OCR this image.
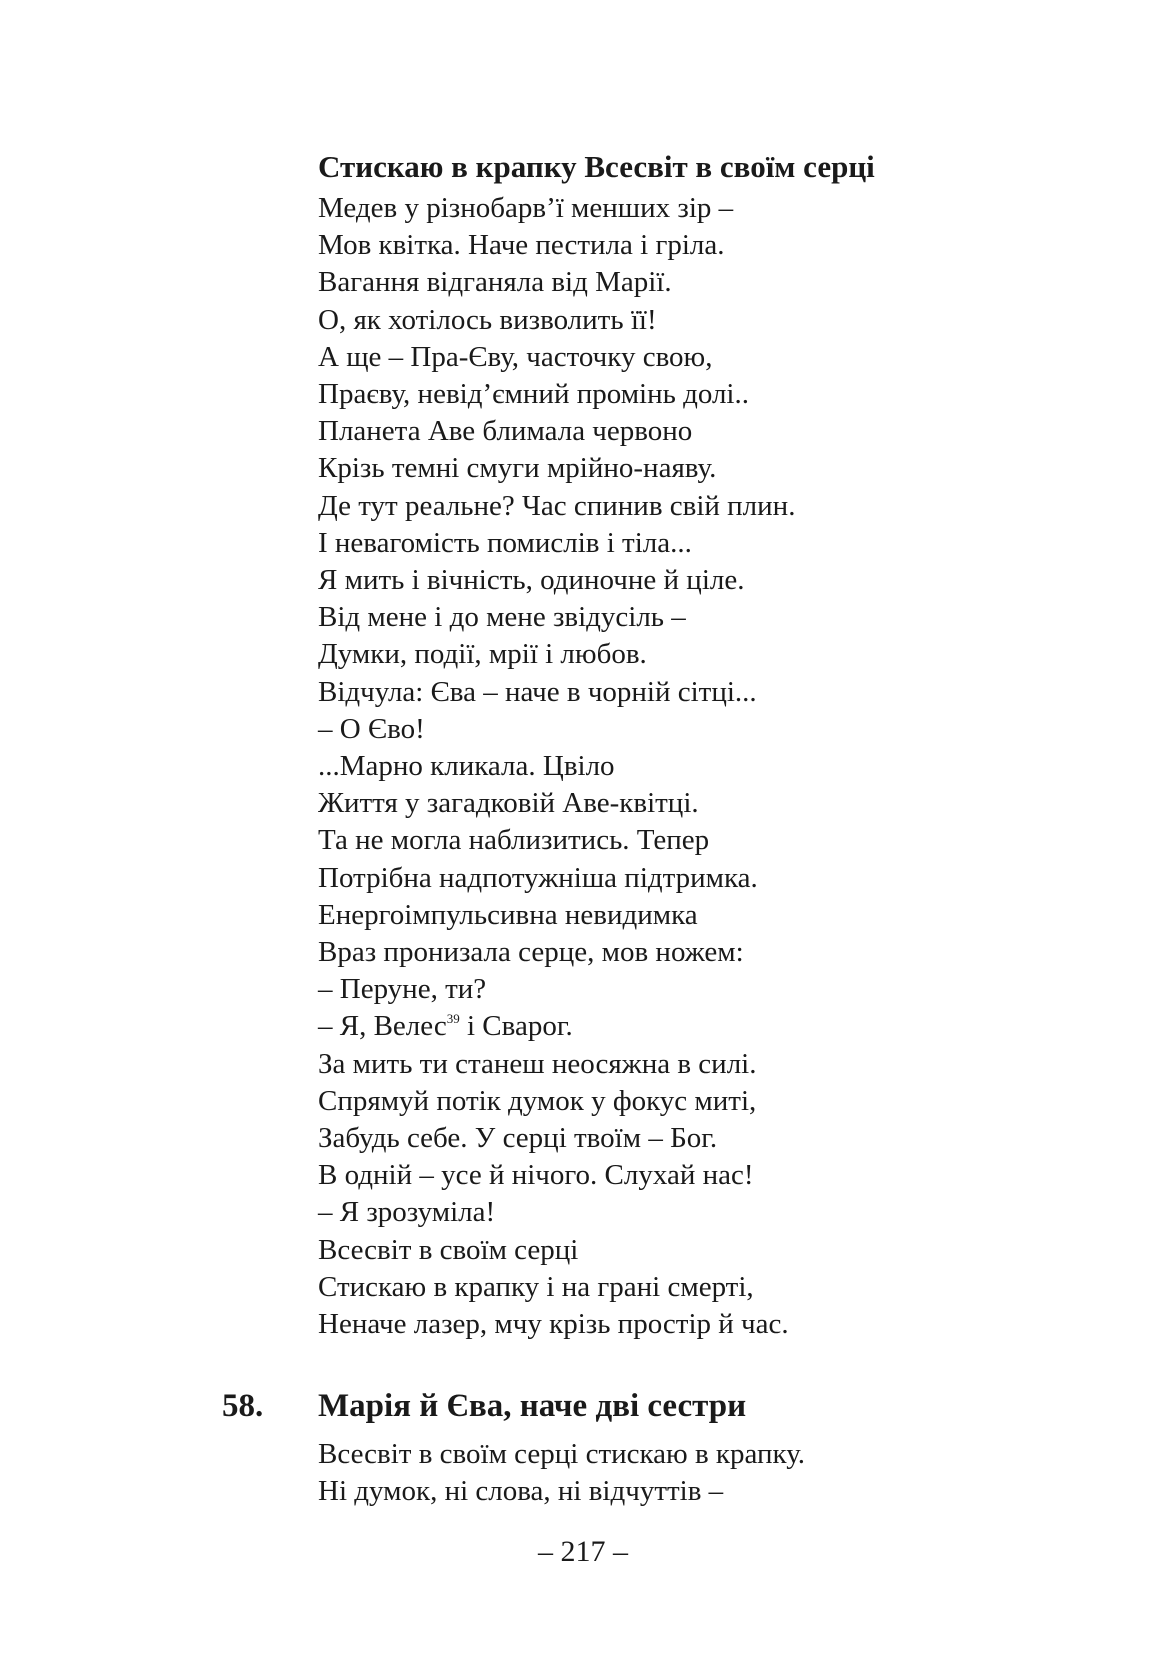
Стискаю в крапку Всесвіт в своїм серці
Медев у різнобарв’ї менших зір –
Мов квітка. Наче пестила і гріла.
Вагання відганяла від Марії.
О, як хотілось визволить її!
А ще – Пра-Єву, часточку свою,
Праєву, невід’ємний промінь долі..
Планета Аве блимала червоно
Крізь темні смуги мрійно-наяву.
Де тут реальне? Час спинив свій плин.
І невагомість помислів і тіла...
Я мить і вічність, одиночне й ціле.
Від мене і до мене звідусіль –
Думки, події, мрії і любов.
Відчула: Єва – наче в чорній сітці...
– О Єво!
...Марно кликала. Цвіло
Життя у загадковій Аве-квітці.
Та не могла наблизитись. Тепер
Потрібна надпотужніша підтримка.
Енергоімпульсивна невидимка
Враз пронизала серце, мов ножем:
– Перуне, ти?
– Я, Велес$^{39}$ і Сварог.
За мить ти станеш неосяжна в силі.
Спрямуй потік думок у фокус миті,
Забудь себе. У серці твоїм – Бог.
В одній – усе й нічого. Слухай нас!
– Я зрозуміла!
Всесвіт в своїм серці
Стискаю в крапку і на грані смерті,
Неначе лазер, мчу крізь простір й час.
58.	Марія й Єва, наче дві сестри
Всесвіт в своїм серці стискаю в крапку.
Ні думок, ні слова, ні відчуттів –
– 217 –
